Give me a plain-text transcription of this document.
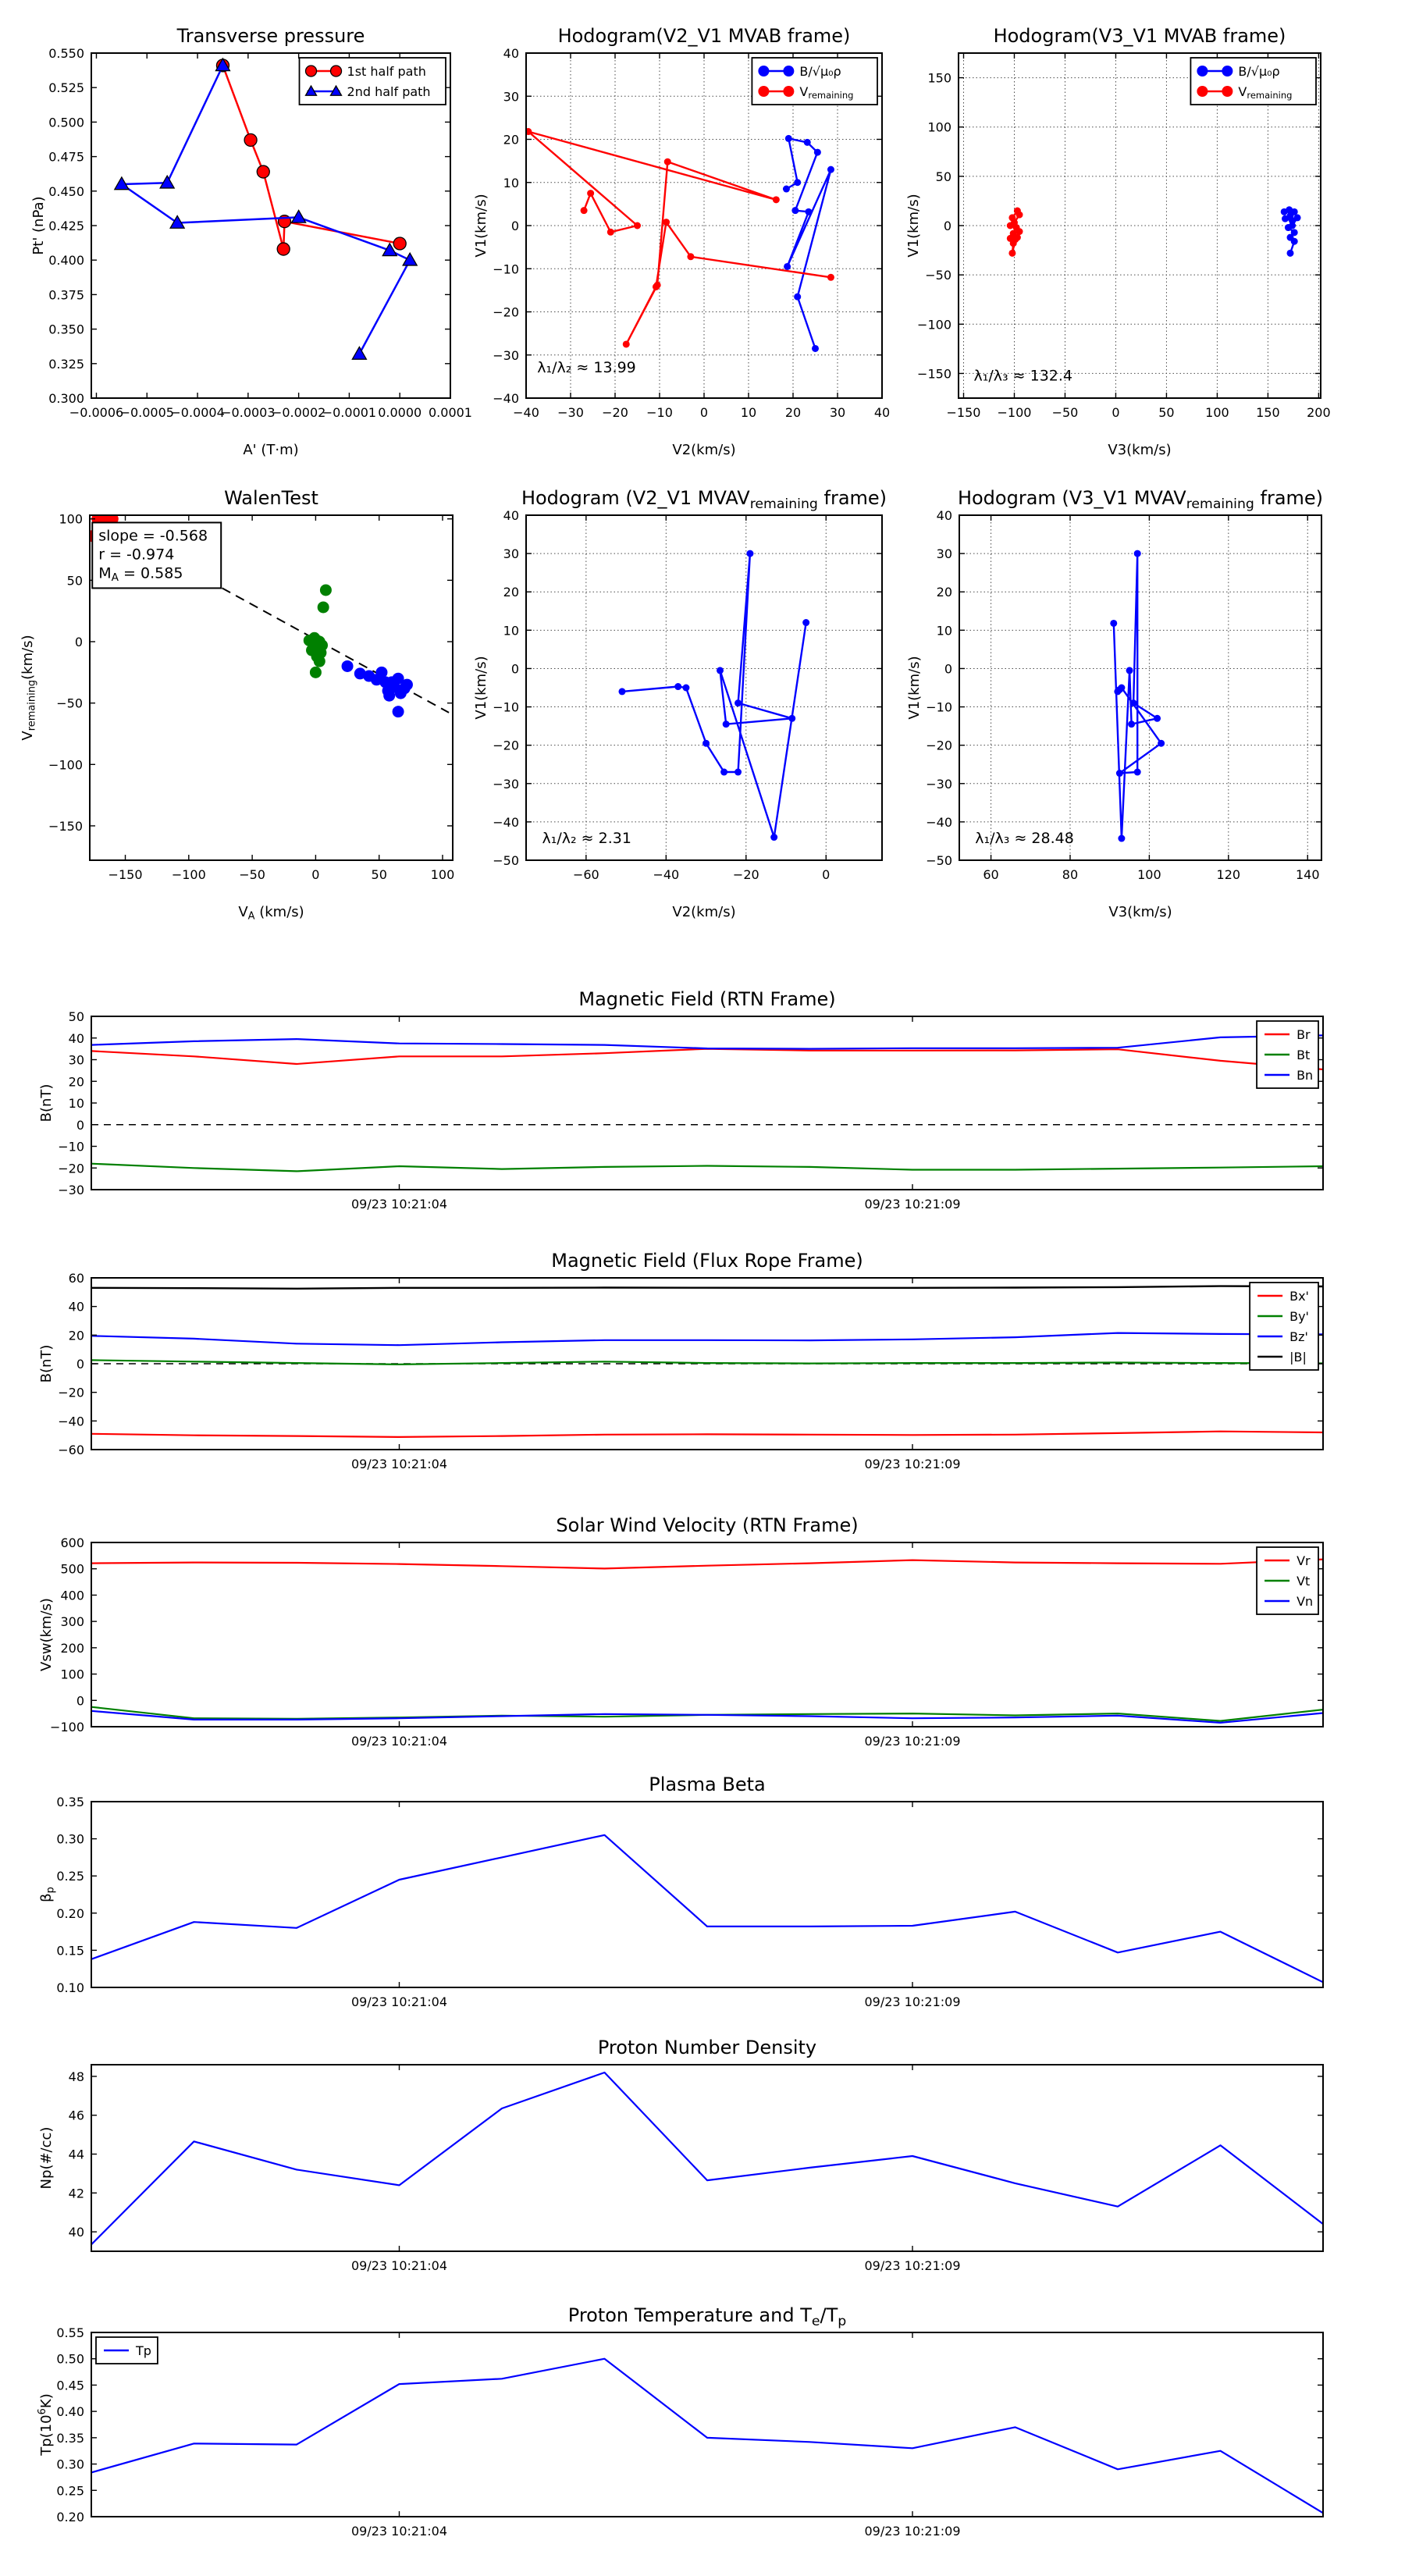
−0.0006
−0.0005
−0.0004
−0.0003
−0.0002
−0.0001 0.0000 0.0001
0.300
0.325
0.350
0.375
0.400
0.425
0.450
0.475
0.500
0.525
0.550
Transverse pressure
A' (T·m)
Pt' (nPa)
1st half path
2nd half path
−40 −30 −20 −10 0	10 20 30 40
−40
−30
−20
−10
0
10
20
30
40
Hodogram(V2_V1 MVAB frame)
V2(km/s)
V1(km/s)
B/√μ₀ρ
$V_{remaining}$
λ₁/λ₂ ≈ 13.99
−150 −100 −50	0	50 100 150 200
−150
−100
−50
0
50
100
150
Hodogram(V3_V1 MVAB frame)
V3(km/s)
V1(km/s)
B/√μ₀ρ
$V_{remaining}$
λ₁/λ₃ ≈ 132.4
−150 −100	−50	0	50	100
−150
−100
−50
0
50
100
WalenTest
$V_A$ (km/s)
$V_{remaining}(km/s)$
slope = -0.568
r = -0.974
$M_A = 0.585$
−60	−40	−20	0
−50
−40
−30
−20
−10
0
10
20
30
40
Hodogram (V2_V1 $MVAV_{remaining}$ frame)
V2(km/s)
V1(km/s)
λ₁/λ₂ ≈ 2.31
60	80	100	120	140
−50
−40
−30
−20
−10
0
10
20
30
40
Hodogram (V3_V1 $MVAV_{remaining}$ frame)
V3(km/s)
V1(km/s)
λ₁/λ₃ ≈ 28.48
09/23 10:21:04	09/23 10:21:09
−30
−20
−10
0
10
20
30
40
50
Magnetic Field (RTN Frame)
B(nT)
Br
Bt
Bn
09/23 10:21:04	09/23 10:21:09
−60
−40
−20
0
20
40
60
Magnetic Field (Flux Rope Frame)
B(nT)
Bx'
By'
Bz'
|B|
09/23 10:21:04	09/23 10:21:09
−100
0
100
200
300
400
500
600
Solar Wind Velocity (RTN Frame)
Vsw(km/s)
Vr
Vt
Vn
09/23 10:21:04	09/23 10:21:09
0.10
0.15
0.20
0.25
0.30
0.35
Plasma Beta
$\beta_p$
09/23 10:21:04	09/23 10:21:09
40
42
44
46
48
Proton Number Density
Np(#/cc)
09/23 10:21:04	09/23 10:21:09
0.20
0.25
0.30
0.35
0.40
0.45
0.50
0.55
Proton Temperature and $T_e/T_p$
$Tp(10^6K)$
Tp
